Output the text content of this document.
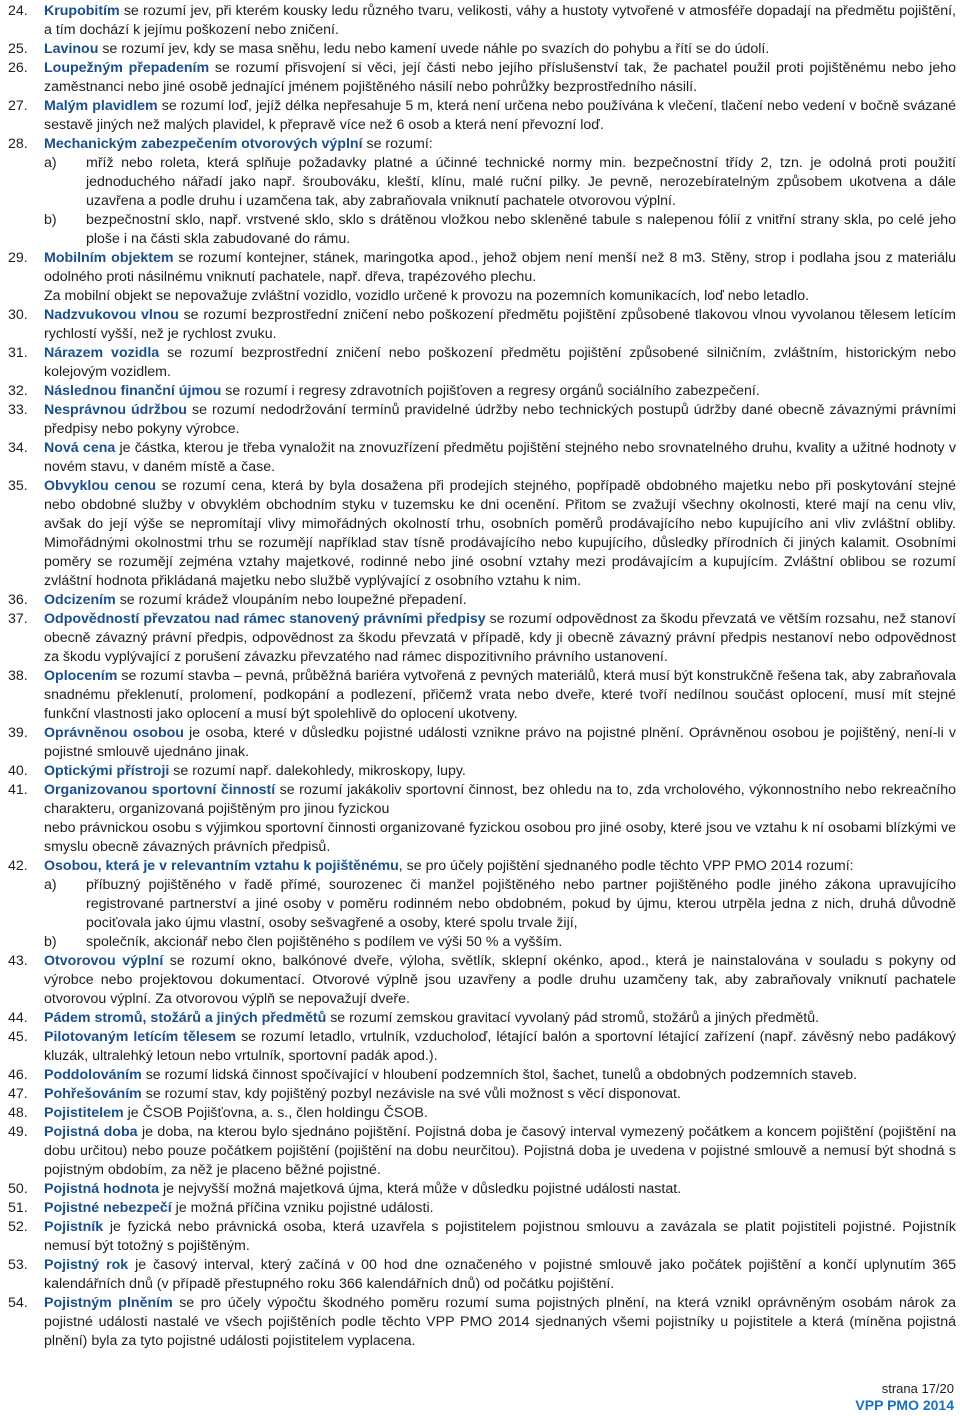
24. Krupobitím se rozumí jev, při kterém kousky ledu různého tvaru, velikosti, váhy a hustoty vytvořené v atmosféře dopadají na předmětu pojištění, a tím dochází k jejímu poškození nebo zničení.
25. Lavinou se rozumí jev, kdy se masa sněhu, ledu nebo kamení uvede náhle po svazích do pohybu a řítí se do údolí.
26. Loupežným přepadením se rozumí přisvojení si věci, její části nebo jejího příslušenství tak, že pachatel použil proti pojištěnému nebo jeho zaměstnanci nebo jiné osobě jednající jménem pojištěného násilí nebo pohrůžky bezprostředního násilí.
27. Malým plavidlem se rozumí loď, jejíž délka nepřesahuje 5 m, která není určena nebo používána k vlečení, tlačení nebo vedení v bočně svázané sestavě jiných než malých plavidel, k přepravě více než 6 osob a která není převozní loď.
28. Mechanickým zabezpečením otvorových výplní se rozumí:
a) mříž nebo roleta, která splňuje požadavky platné a účinné technické normy min. bezpečnostní třídy 2, tzn. je odolná proti použití jednoduchého nářadí jako např. šroubováku, kleští, klínu, malé ruční pilky. Je pevně, nerozebíratelným způsobem ukotvena a dále uzavřena a podle druhu i uzamčena tak, aby zabraňovala vniknutí pachatele otvorovou výplní.
b) bezpečnostní sklo, např. vrstvené sklo, sklo s drátěnou vložkou nebo skleněné tabule s nalepenou fólií z vnitřní strany skla, po celé jeho ploše i na části skla zabudované do rámu.
29. Mobilním objektem se rozumí kontejner, stánek, maringotka apod., jehož objem není menší než 8 m3. Stěny, strop i podlaha jsou z materiálu odolného proti násilnému vniknutí pachatele, např. dřeva, trapézového plechu.
Za mobilní objekt se nepovažuje zvláštní vozidlo, vozidlo určené k provozu na pozemních komunikacích, loď nebo letadlo.
30. Nadzvukovou vlnou se rozumí bezprostřední zničení nebo poškození předmětu pojištění způsobené tlakovou vlnou vyvolanou tělesem letícím rychlostí vyšší, než je rychlost zvuku.
31. Nárazem vozidla se rozumí bezprostřední zničení nebo poškození předmětu pojištění způsobené silničním, zvláštním, historickým nebo kolejovým vozidlem.
32. Následnou finanční újmou se rozumí i regresy zdravotních pojišťoven a regresy orgánů sociálního zabezpečení.
33. Nesprávnou údržbou se rozumí nedodržování termínů pravidelné údržby nebo technických postupů údržby dané obecně závaznými právními předpisy nebo pokyny výrobce.
34. Nová cena je částka, kterou je třeba vynaložit na znovuzřízení předmětu pojištění stejného nebo srovnatelného druhu, kvality a užitné hodnoty v novém stavu, v daném místě a čase.
35. Obvyklou cenou se rozumí cena, která by byla dosažena při prodejích stejného, popřípadě obdobného majetku nebo při poskytování stejné nebo obdobné služby v obvyklém obchodním styku v tuzemsku ke dni ocenění. Přitom se zvažují všechny okolnosti, které mají na cenu vliv, avšak do její výše se nepromítají vlivy mimořádných okolností trhu, osobních poměrů prodávajícího nebo kupujícího ani vliv zvláštní obliby. Mimořádnými okolnostmi trhu se rozumějí například stav tísně prodávajícího nebo kupujícího, důsledky přírodních či jiných kalamit. Osobními poměry se rozumějí zejména vztahy majetkové, rodinné nebo jiné osobní vztahy mezi prodávajícím a kupujícím. Zvláštní oblibou se rozumí zvláštní hodnota přikládaná majetku nebo službě vyplývající z osobního vztahu k nim.
36. Odcizením se rozumí krádež vloupáním nebo loupežné přepadení.
37. Odpovědností převzatou nad rámec stanovený právními předpisy se rozumí odpovědnost za škodu převzatá ve větším rozsahu, než stanoví obecně závazný právní předpis, odpovědnost za škodu převzatá v případě, kdy ji obecně závazný právní předpis nestanoví nebo odpovědnost za škodu vyplývající z porušení závazku převzatého nad rámec dispozitivního právního ustanovení.
38. Oplocením se rozumí stavba – pevná, průběžná bariéra vytvořená z pevných materiálů, která musí být konstrukčně řešena tak, aby zabraňovala snadnému překlenutí, prolomení, podkopání a podlezení, přičemž vrata nebo dveře, které tvoří nedílnou součást oplocení, musí mít stejné funkční vlastnosti jako oplocení a musí být spolehlivě do oplocení ukotveny.
39. Oprávněnou osobou je osoba, které v důsledku pojistné události vznikne právo na pojistné plnění. Oprávněnou osobou je pojištěný, není-li v pojistné smlouvě ujednáno jinak.
40. Optickými přístroji se rozumí např. dalekohledy, mikroskopy, lupy.
41. Organizovanou sportovní činností se rozumí jakákoliv sportovní činnost, bez ohledu na to, zda vrcholového, výkonnostního nebo rekreačního charakteru, organizovaná pojištěným pro jinou fyzickou
nebo právnickou osobu s výjimkou sportovní činnosti organizované fyzickou osobou pro jiné osoby, které jsou ve vztahu k ní osobami blízkými ve smyslu obecně závazných právních předpisů.
42. Osobou, která je v relevantním vztahu k pojištěnému, se pro účely pojištění sjednaného podle těchto VPP PMO 2014 rozumí:
a) příbuzný pojištěného v řadě přímé, sourozenec či manžel pojištěného nebo partner pojištěného podle jiného zákona upravujícího registrované partnerství a jiné osoby v poměru rodinném nebo obdobném, pokud by újmu, kterou utrpěla jedna z nich, druhá důvodně pociťovala jako újmu vlastní, osoby sešvagřené a osoby, které spolu trvale žijí,
b) společník, akcionář nebo člen pojištěného s podílem ve výši 50 % a vyšším.
43. Otvorovou výplní se rozumí okno, balkónové dveře, výloha, světlík, sklepní okénko, apod., která je nainstalována v souladu s pokyny od výrobce nebo projektovou dokumentací. Otvorové výplně jsou uzavřeny a podle druhu uzamčeny tak, aby zabraňovaly vniknutí pachatele otvorovou výplní. Za otvorovou výplň se nepovažují dveře.
44. Pádem stromů, stožárů a jiných předmětů se rozumí zemskou gravitací vyvolaný pád stromů, stožárů a jiných předmětů.
45. Pilotovaným letícím tělesem se rozumí letadlo, vrtulník, vzducholoď, létající balón a sportovní létající zařízení (např. závěsný nebo padákový kluzák, ultralehký letoun nebo vrtulník, sportovní padák apod.).
46. Poddolováním se rozumí lidská činnost spočívající v hloubení podzemních štol, šachet, tunelů a obdobných podzemních staveb.
47. Pohřešováním se rozumí stav, kdy pojištěný pozbyl nezávisle na své vůli možnost s věcí disponovat.
48. Pojistitelem je ČSOB Pojišťovna, a. s., člen holdingu ČSOB.
49. Pojistná doba je doba, na kterou bylo sjednáno pojištění. Pojistná doba je časový interval vymezený počátkem a koncem pojištění (pojištění na dobu určitou) nebo pouze počátkem pojištění (pojištění na dobu neurčitou). Pojistná doba je uvedena v pojistné smlouvě a nemusí být shodná s pojistným obdobím, za něž je placeno běžné pojistné.
50. Pojistná hodnota je nejvyšší možná majetková újma, která může v důsledku pojistné události nastat.
51. Pojistné nebezpečí je možná příčina vzniku pojistné události.
52. Pojistník je fyzická nebo právnická osoba, která uzavřela s pojistitelem pojistnou smlouvu a zavázala se platit pojistiteli pojistné. Pojistník nemusí být totožný s pojištěným.
53. Pojistný rok je časový interval, který začíná v 00 hod dne označeného v pojistné smlouvě jako počátek pojištění a končí uplynutím 365 kalendářních dnů (v případě přestupného roku 366 kalendářních dnů) od počátku pojištění.
54. Pojistným plněním se pro účely výpočtu škodného poměru rozumí suma pojistných plnění, na která vznikl oprávněným osobám nárok za pojistné události nastalé ve všech pojištěních podle těchto VPP PMO 2014 sjednaných všemi pojistníky u pojistitele a která (míněna pojistná plnění) byla za tyto pojistné události pojistitelem vyplacena.
strana 17/20
VPP PMO 2014
